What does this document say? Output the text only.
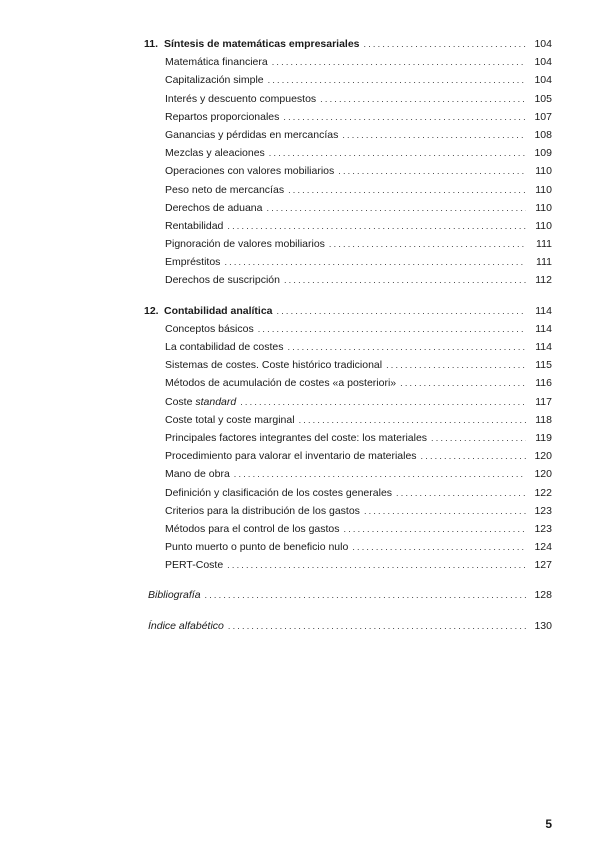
11. Síntesis de matemáticas empresariales .....	104
Matemática financiera .....	104
Capitalización simple .....	104
Interés y descuento compuestos .....	105
Repartos proporcionales .....	107
Ganancias y pérdidas en mercancías .....	108
Mezclas y aleaciones .....	109
Operaciones con valores mobiliarios .....	110
Peso neto de mercancías .....	110
Derechos de aduana .....	110
Rentabilidad .....	110
Pignoración de valores mobiliarios .....	111
Empréstitos .....	111
Derechos de suscripción .....	112
12. Contabilidad analítica .....	114
Conceptos básicos .....	114
La contabilidad de costes .....	114
Sistemas de costes. Coste histórico tradicional .....	115
Métodos de acumulación de costes «a posteriori» .....	116
Coste standard .....	117
Coste total y coste marginal .....	118
Principales factores integrantes del coste: los materiales .....	119
Procedimiento para valorar el inventario de materiales .....	120
Mano de obra .....	120
Definición y clasificación de los costes generales .....	122
Criterios para la distribución de los gastos .....	123
Métodos para el control de los gastos .....	123
Punto muerto o punto de beneficio nulo .....	124
PERT-Coste .....	127
Bibliografía .....	128
Índice alfabético .....	130
5
